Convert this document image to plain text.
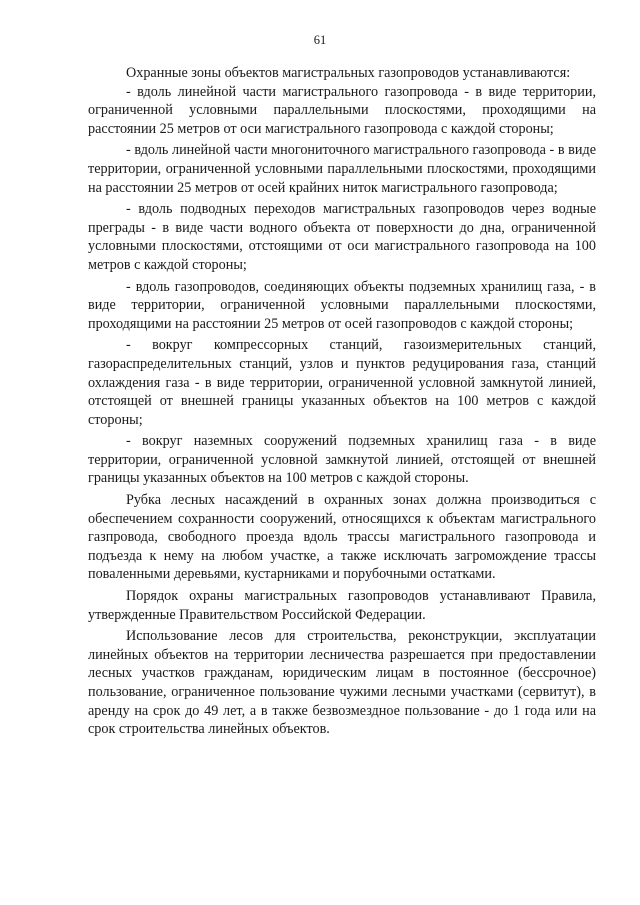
61

Охранные зоны объектов магистральных газопроводов устанавливаются:

- вдоль линейной части магистрального газопровода - в виде территории, ограниченной условными параллельными плоскостями, проходящими на расстоянии 25 метров от оси магистрального газопровода с каждой стороны;

- вдоль линейной части многониточного магистрального газопровода - в виде территории, ограниченной условными параллельными плоскостями, проходящими на расстоянии 25 метров от осей крайних ниток магистрального газопровода;

- вдоль подводных переходов магистральных газопроводов через водные преграды - в виде части водного объекта от поверхности до дна, ограниченной условными плоскостями, отстоящими от оси магистрального газопровода на 100 метров с каждой стороны;

- вдоль газопроводов, соединяющих объекты подземных хранилищ газа, - в виде территории, ограниченной условными параллельными плоскостями, проходящими на расстоянии 25 метров от осей газопроводов с каждой стороны;

- вокруг компрессорных станций, газоизмерительных станций, газораспределительных станций, узлов и пунктов редуцирования газа, станций охлаждения газа - в виде территории, ограниченной условной замкнутой линией, отстоящей от внешней границы указанных объектов на 100 метров с каждой стороны;

- вокруг наземных сооружений подземных хранилищ газа - в виде территории, ограниченной условной замкнутой линией, отстоящей от внешней границы указанных объектов на 100 метров с каждой стороны.

Рубка лесных насаждений в охранных зонах должна производиться с обеспечением сохранности сооружений, относящихся к объектам магистрального газпровода, свободного проезда вдоль трассы магистрального газопровода и подъезда к нему на любом участке, а также исключать загромождение трассы поваленными деревьями, кустарниками и порубочными остатками.

Порядок охраны магистральных газопроводов устанавливают Правила, утвержденные Правительством Российской Федерации.

Использование лесов для строительства, реконструкции, эксплуатации линейных объектов на территории лесничества разрешается при предоставлении лесных участков гражданам, юридическим лицам в постоянное (бессрочное) пользование, ограниченное пользование чужими лесными участками (сервитут), в аренду на срок до 49 лет, а в также безвозмездное пользование - до 1 года или на срок строительства линейных объектов.
